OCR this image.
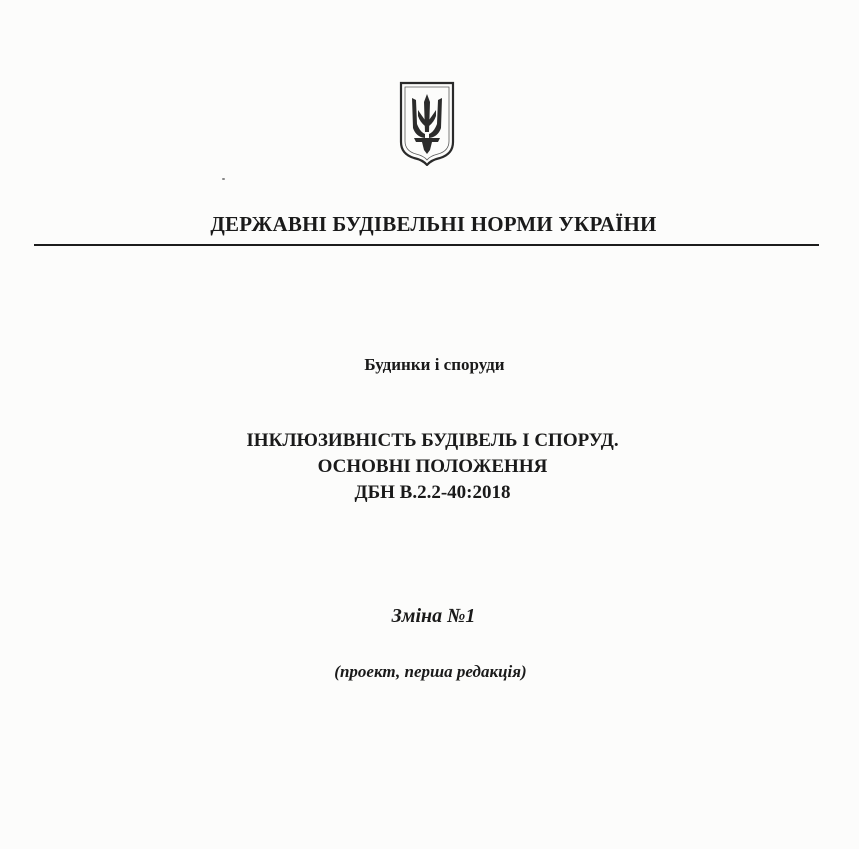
ДЕРЖАВНІ БУДІВЕЛЬНІ НОРМИ УКРАЇНИ
Будинки і споруди
ІНКЛЮЗИВНІСТЬ БУДІВЕЛЬ І СПОРУД.
ОСНОВНІ ПОЛОЖЕННЯ
ДБН В.2.2-40:2018
Зміна №1
(проект, перша редакція)
